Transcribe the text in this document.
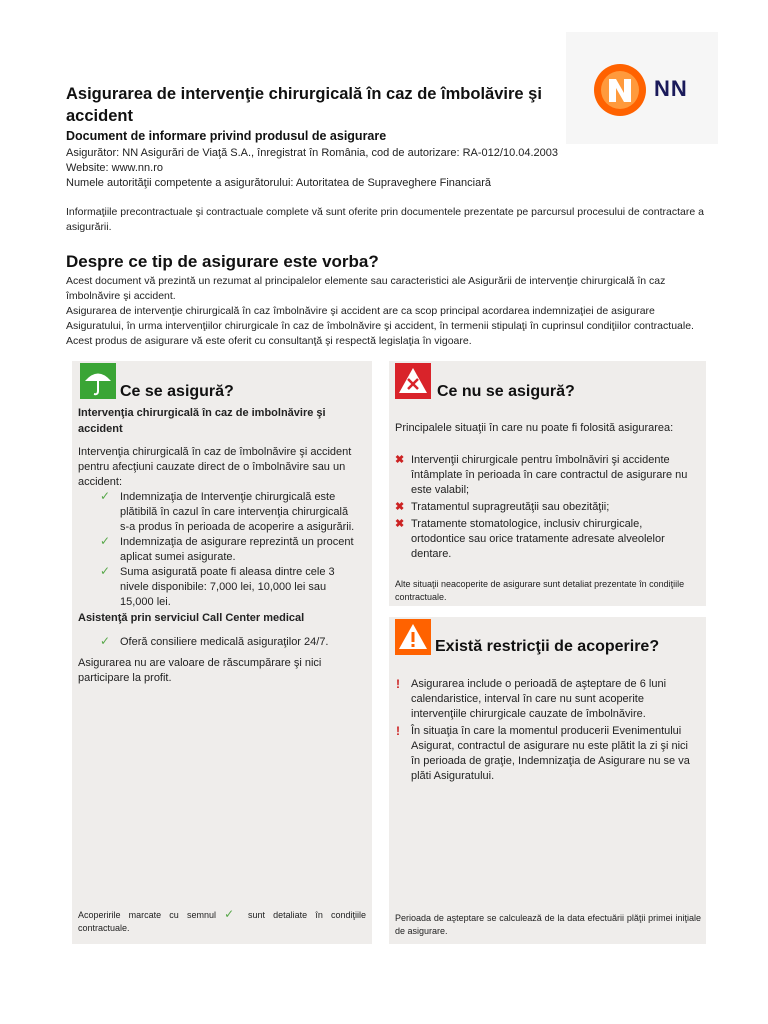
Asigurarea de intervenţie chirurgicală în caz de îmbolăvire şi accident
Document de informare privind produsul de asigurare
Asigurător: NN Asigurări de Viaţă S.A., înregistrat în România, cod de autorizare: RA-012/10.04.2003
Website: www.nn.ro
Numele autorităţii competente a asigurătorului: Autoritatea de Supraveghere Financiară
Informaţiile precontractuale şi contractuale complete vă sunt oferite prin documentele prezentate pe parcursul procesului de contractare a asigurării.
NN
Despre ce tip de asigurare este vorba?
Acest document vă prezintă un rezumat al principalelor elemente sau caracteristici ale Asigurării de intervenţie chirurgicală în caz îmbolnăvire şi accident.
Asigurarea de intervenţie chirurgicală în caz îmbolnăvire şi accident are ca scop principal acordarea indemnizaţiei de asigurare Asiguratului, în urma intervenţiilor chirurgicale în caz de îmbolnăvire şi accident, în termenii stipulaţi în cuprinsul condiţiilor contractuale. Acest produs de asigurare vă este oferit cu consultanţă şi respectă legislaţia în vigoare.
Ce se asigură?
Intervenţia chirurgicală în caz de imbolnăvire şi accident
Intervenţia chirurgicală în caz de îmbolnăvire şi accident pentru afecţiuni cauzate direct de o îmbolnăvire sau un accident:
✓ Indemnizaţia de Intervenţie chirurgicală este plătibilă în cazul în care intervenţia chirurgicală s-a produs în perioada de acoperire a asigurării.
✓ Indemnizaţia de asigurare reprezintă un procent aplicat sumei asigurate.
✓ Suma asigurată poate fi aleasa dintre cele 3 nivele disponibile: 7,000 lei, 10,000 lei sau 15,000 lei.
Asistenţă prin serviciul Call Center medical
✓ Oferă consiliere medicală asiguraţilor 24/7.
Asigurarea nu are valoare de răscumpărare şi nici participare la profit.
Acoperirile marcate cu semnul ✓ sunt detaliate în condiţiile contractuale.
Ce nu se asigură?
Principalele situaţii în care nu poate fi folosită asigurarea:
✖ Intervenţii chirurgicale pentru îmbolnăviri şi accidente întâmplate în perioada în care contractul de asigurare nu este valabil;
✖ Tratamentul supragreutăţii sau obezităţii;
✖ Tratamente stomatologice, inclusiv chirurgicale, ortodontice sau orice tratamente adresate alveolelor dentare.
Alte situaţii neacoperite de asigurare sunt detaliat prezentate în condiţiile contractuale.
Există restricţii de acoperire?
! Asigurarea include o perioadă de aşteptare de 6 luni calendaristice, interval în care nu sunt acoperite intervenţiile chirurgicale cauzate de îmbolnăvire.
! În situaţia în care la momentul producerii Evenimentului Asigurat, contractul de asigurare nu este plătit la zi şi nici în perioada de graţie, Indemnizaţia de Asigurare nu se va plăti Asiguratului.
Perioada de aşteptare se calculează de la data efectuării plăţii primei iniţiale de asigurare.
